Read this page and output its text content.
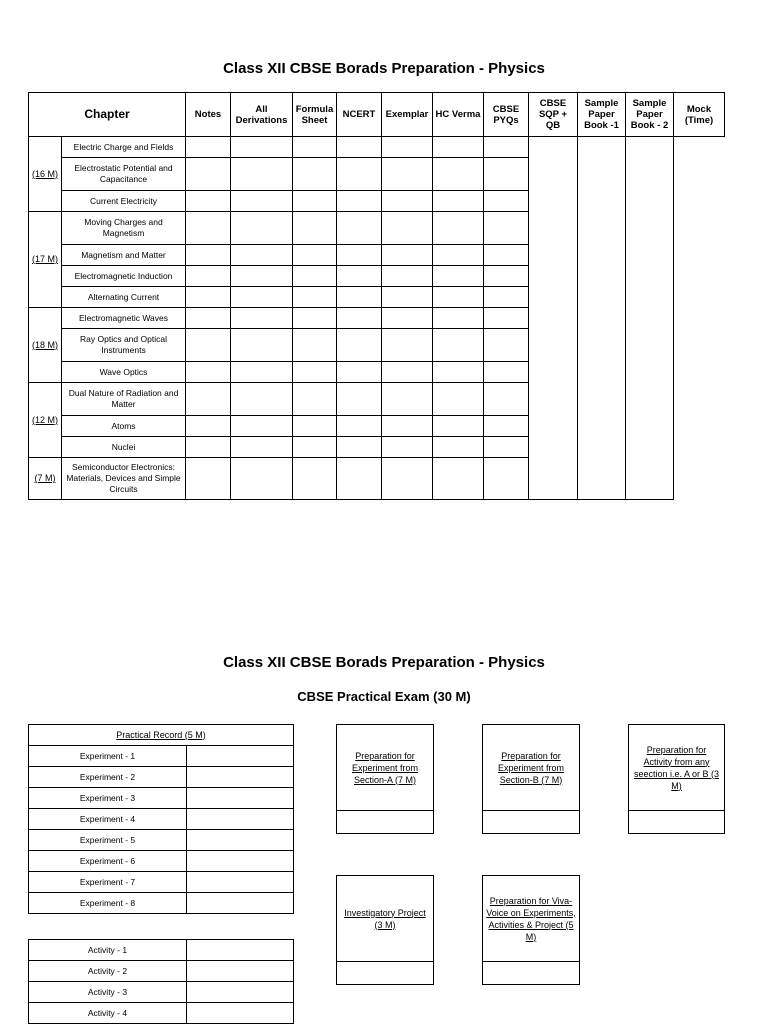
Class XII CBSE Borads Preparation - Physics
Chapter		Notes	All Derivations	Formula Sheet	NCERT	Exemplar	HC Verma	CBSE PYQs	CBSE SQP + QB	Sample Paper Book -1	Sample Paper Book - 2	Mock (Time)
(16 M)	Electric Charge and Fields											
	Electrostatic Potential and Capacitance											
	Current Electricity											
(17 M)	Moving Charges and Magnetism											
	Magnetism and Matter											
	Electromagnetic Induction											
	Alternating Current											
(18 M)	Electromagnetic Waves											
	Ray Optics and Optical Instruments											
	Wave Optics											
(12 M)	Dual Nature of Radiation and Matter											
	Atoms											
	Nuclei											
(7 M)	Semiconductor Electronics: Materials, Devices and Simple Circuits											
Class XII CBSE Borads Preparation - Physics
CBSE Practical Exam (30 M)
Practical Record (5 M)	
Experiment - 1	
Experiment - 2	
Experiment - 3	
Experiment - 4	
Experiment - 5	
Experiment - 6	
Experiment - 7	
Experiment - 8	
Activity - 1	
Activity - 2	
Activity - 3	
Activity - 4	
Preparation for Experiment from Section-A (7 M)
Preparation for Experiment from Section-B (7 M)
Preparation for Activity from any seection i.e. A or B (3 M)
Investigatory Project (3 M)
Preparation for Viva-Voice on Experiments, Activities & Project (5 M)
